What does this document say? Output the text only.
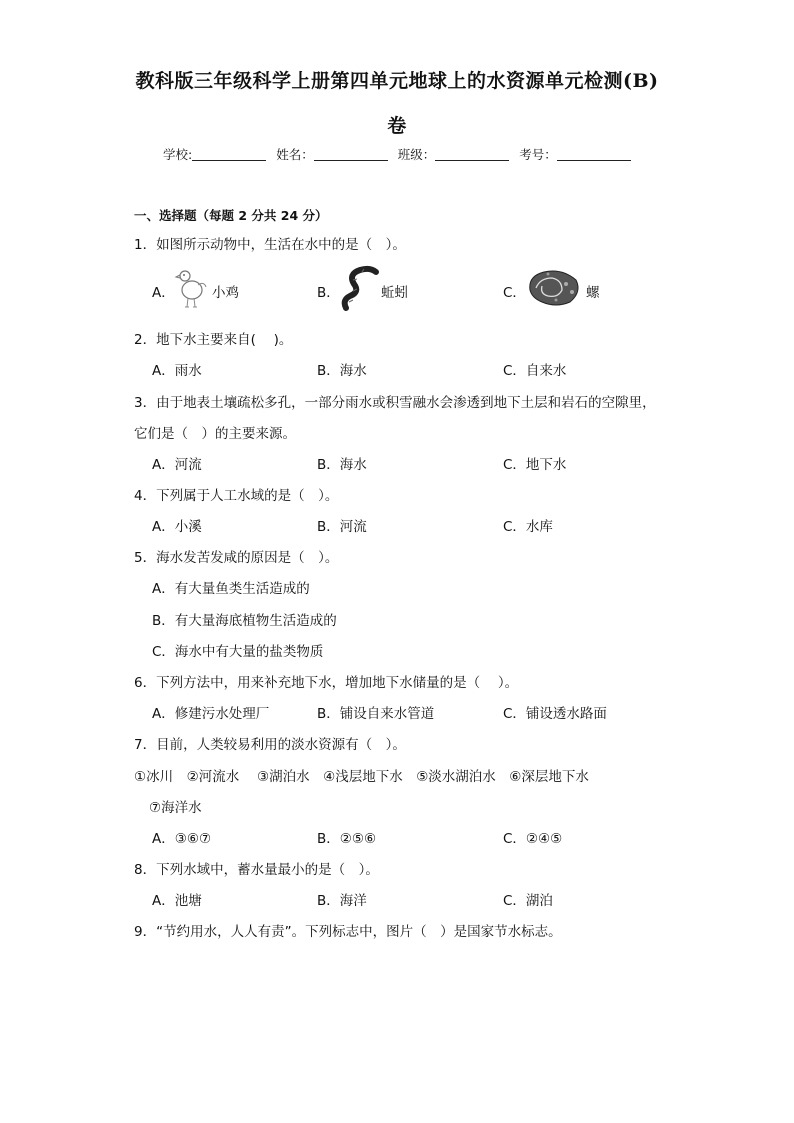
教科版三年级科学上册第四单元地球上的水资源单元检测(B)
卷
学校:	姓名：	班级：	考号：
一、选择题（每题 2 分共 24 分）
1．如图所示动物中，生活在水中的是（　）。
A．	小鸡	B．	蚯蚓	C．	螺
2．地下水主要来自(　 )。
A．雨水	B．海水	C．自来水
3．由于地表土壤疏松多孔，一部分雨水或积雪融水会渗透到地下土层和岩石的空隙里，
它们是（　）的主要来源。
A．河流	B．海水	C．地下水
4．下列属于人工水域的是（　）。
A．小溪	B．河流	C．水库
5．海水发苦发咸的原因是（　）。
A．有大量鱼类生活造成的
B．有大量海底植物生活造成的
C．海水中有大量的盐类物质
6．下列方法中，用来补充地下水，增加地下水储量的是（　 ）。
A．修建污水处理厂	B．铺设自来水管道	C．铺设透水路面
7．目前，人类较易利用的淡水资源有（　）。
①冰川　②河流水　 ③湖泊水　④浅层地下水　⑤淡水湖泊水　⑥深层地下水
⑦海洋水
A．③⑥⑦	B．②⑤⑥	C．②④⑤
8．下列水域中，蓄水量最小的是（　）。
A．池塘	B．海洋	C．湖泊
9．“节约用水，人人有责”。下列标志中，图片（　）是国家节水标志。
